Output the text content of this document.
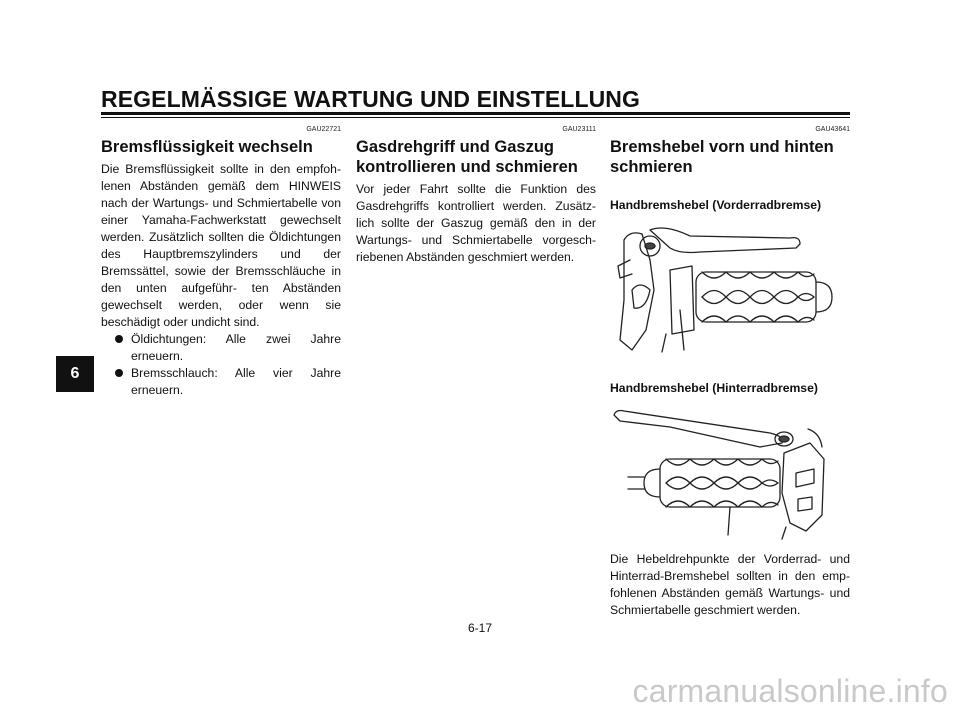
REGELMÄSSIGE WARTUNG UND EINSTELLUNG
6
GAU22721
Bremsflüssigkeit wechseln

Die Bremsflüssigkeit sollte in den empfoh- lenen Abständen gemäß dem HINWEIS nach der Wartungs- und Schmiertabelle von einer Yamaha-Fachwerkstatt gewechselt werden. Zusätzlich sollten die Öldichtungen des Hauptbremszylinders und der Bremssättel, sowie der Bremsschläuche in den unten aufgeführ- ten Abständen gewechselt werden, oder wenn sie beschädigt oder undicht sind.

Öldichtungen: Alle zwei Jahre erneuern.
Bremsschlauch: Alle vier Jahre erneuern.
GAU23111
Gasdrehgriff und Gaszug kontrollieren und schmieren

Vor jeder Fahrt sollte die Funktion des Gasdrehgriffs kontrolliert werden. Zusätz- lich sollte der Gaszug gemäß den in der Wartungs- und Schmiertabelle vorgesch- riebenen Abständen geschmiert werden.

GAU43641
Bremshebel vorn und hinten schmieren
Handbremshebel (Vorderradbremse)
Handbremshebel (Hinterradbremse)

Die Hebeldrehpunkte der Vorderrad- und Hinterrad-Bremshebel sollten in den emp- fohlenen Abständen gemäß Wartungs- und Schmiertabelle geschmiert werden.

6-17
carmanualsonline.info
